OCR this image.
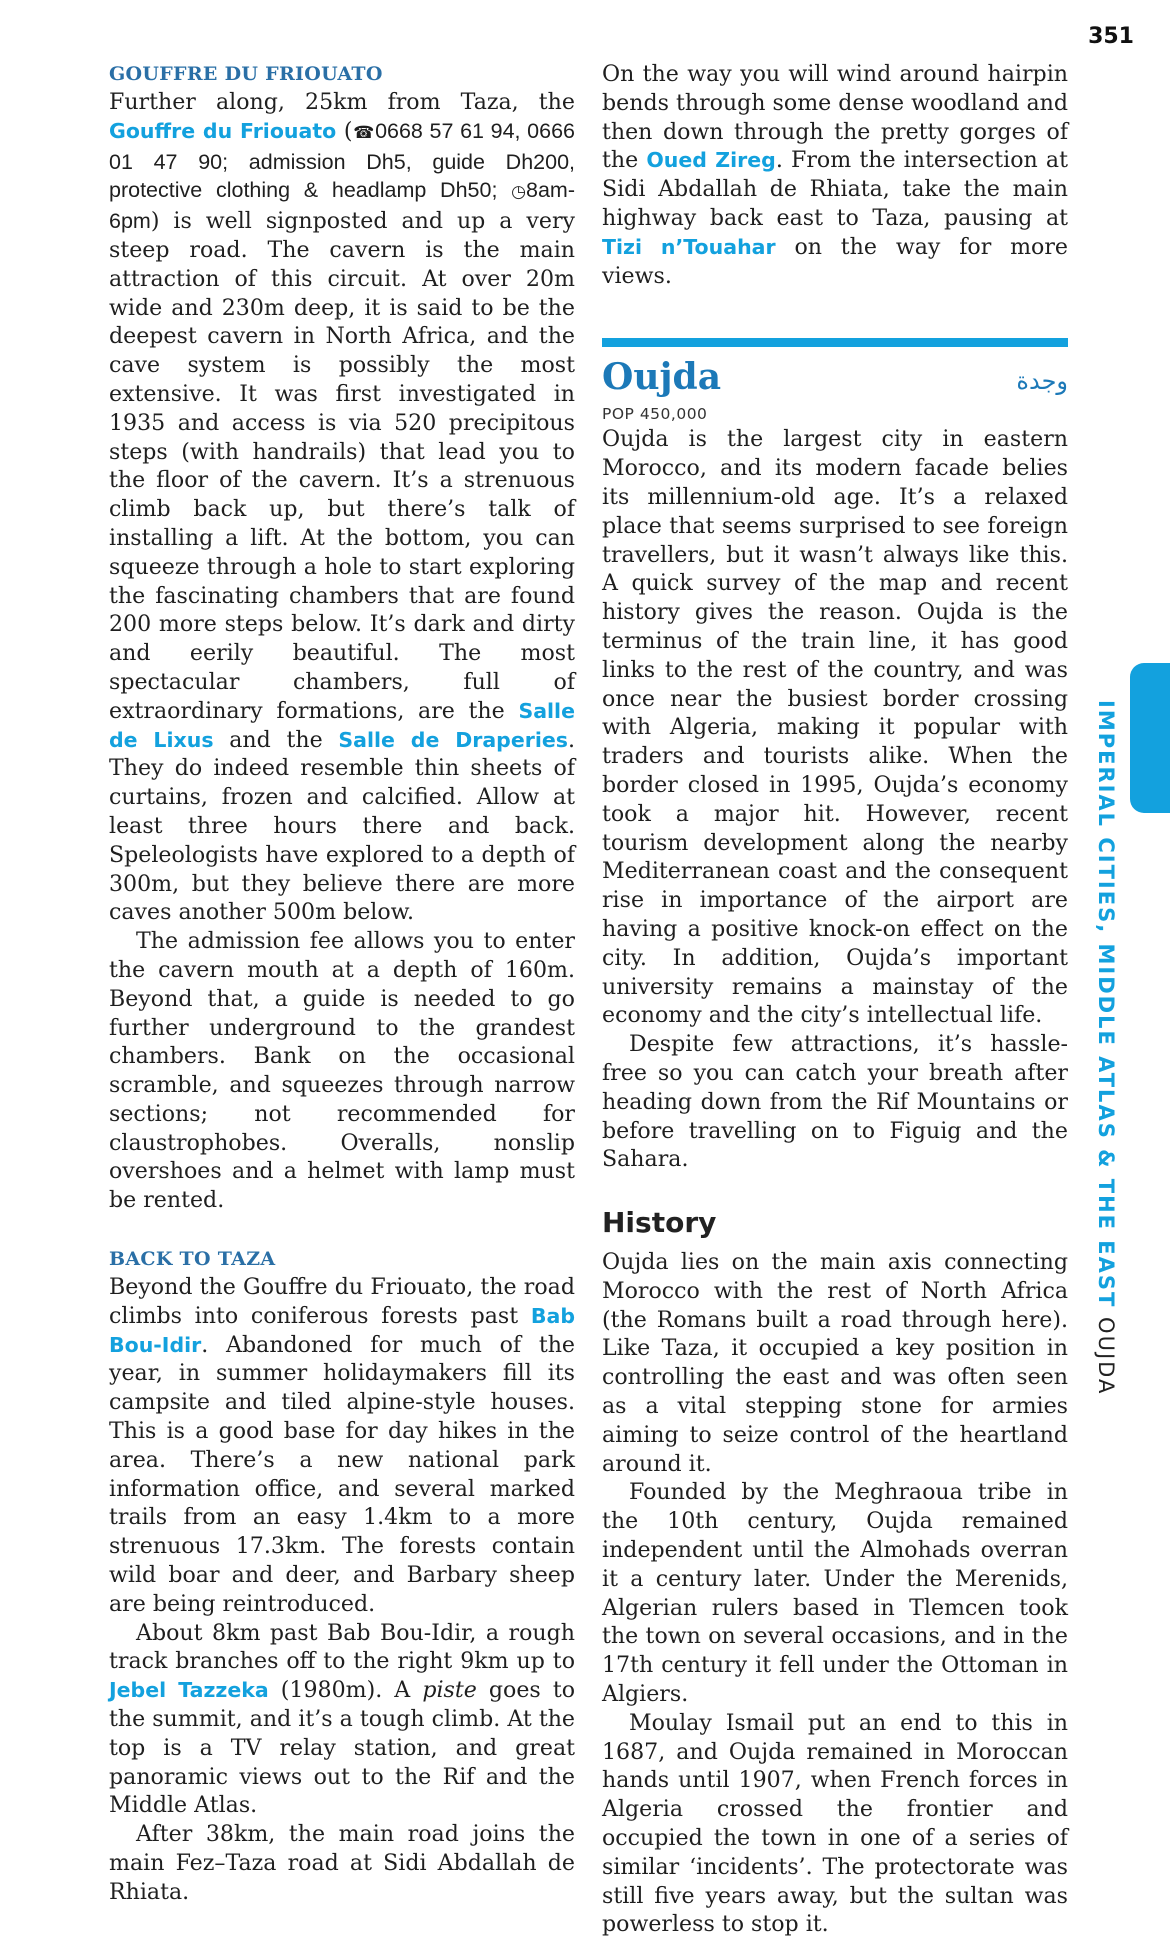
351
GOUFFRE DU FRIOUATO

Further along, 25km from Taza, the Gouffre du Friouato (☎0668 57 61 94, 0666 01 47 90; admission Dh5, guide Dh200, protective clothing & headlamp Dh50; ◷8am-6pm) is well signposted and up a very steep road. The cavern is the main attraction of this circuit. At over 20m wide and 230m deep, it is said to be the deepest cavern in North Africa, and the cave system is possibly the most extensive. It was first investigated in 1935 and access is via 520 precipitous steps (with handrails) that lead you to the floor of the cavern. It’s a strenuous climb back up, but there’s talk of installing a lift. At the bottom, you can squeeze through a hole to start exploring the fascinating chambers that are found 200 more steps below. It’s dark and dirty and eerily beautiful. The most spectacular chambers, full of extraordinary formations, are the Salle de Lixus and the Salle de Draperies. They do indeed resemble thin sheets of curtains, frozen and calcified. Allow at least three hours there and back. Speleologists have explored to a depth of 300m, but they believe there are more caves another 500m below.

The admission fee allows you to enter the cavern mouth at a depth of 160m. Beyond that, a guide is needed to go further underground to the grandest chambers. Bank on the occasional scramble, and squeezes through narrow sections; not recommended for claustrophobes. Overalls, nonslip overshoes and a helmet with lamp must be rented.

BACK TO TAZA

Beyond the Gouffre du Friouato, the road climbs into coniferous forests past Bab Bou-Idir. Abandoned for much of the year, in summer holidaymakers fill its campsite and tiled alpine-style houses. This is a good base for day hikes in the area. There’s a new national park information office, and several marked trails from an easy 1.4km to a more strenuous 17.3km. The forests contain wild boar and deer, and Barbary sheep are being reintroduced.

About 8km past Bab Bou-Idir, a rough track branches off to the right 9km up to Jebel Tazzeka (1980m). A piste goes to the summit, and it’s a tough climb. At the top is a TV relay station, and great panoramic views out to the Rif and the Middle Atlas.

After 38km, the main road joins the main Fez–Taza road at Sidi Abdallah de Rhiata.

On the way you will wind around hairpin bends through some dense woodland and then down through the pretty gorges of the Oued Zireg. From the intersection at Sidi Abdallah de Rhiata, take the main highway back east to Taza, pausing at Tizi n’Touahar on the way for more views.

Oujda	وجدة
POP 450,000

Oujda is the largest city in eastern Morocco, and its modern facade belies its millennium-old age. It’s a relaxed place that seems surprised to see foreign travellers, but it wasn’t always like this. A quick survey of the map and recent history gives the reason. Oujda is the terminus of the train line, it has good links to the rest of the country, and was once near the busiest border crossing with Algeria, making it popular with traders and tourists alike. When the border closed in 1995, Oujda’s economy took a major hit. However, recent tourism development along the nearby Mediterranean coast and the consequent rise in importance of the airport are having a positive knock-on effect on the city. In addition, Oujda’s important university remains a mainstay of the economy and the city’s intellectual life.

Despite few attractions, it’s hassle-free so you can catch your breath after heading down from the Rif Mountains or before travelling on to Figuig and the Sahara.

History

Oujda lies on the main axis connecting Morocco with the rest of North Africa (the Romans built a road through here). Like Taza, it occupied a key position in controlling the east and was often seen as a vital stepping stone for armies aiming to seize control of the heartland around it.

Founded by the Meghraoua tribe in the 10th century, Oujda remained independent until the Almohads overran it a century later. Under the Merenids, Algerian rulers based in Tlemcen took the town on several occasions, and in the 17th century it fell under the Ottoman in Algiers.

Moulay Ismail put an end to this in 1687, and Oujda remained in Moroccan hands until 1907, when French forces in Algeria crossed the frontier and occupied the town in one of a series of similar ‘incidents’. The protectorate was still five years away, but the sultan was powerless to stop it.

IMPERIAL CITIES, MIDDLE ATLAS & THE EAST OUJDA
